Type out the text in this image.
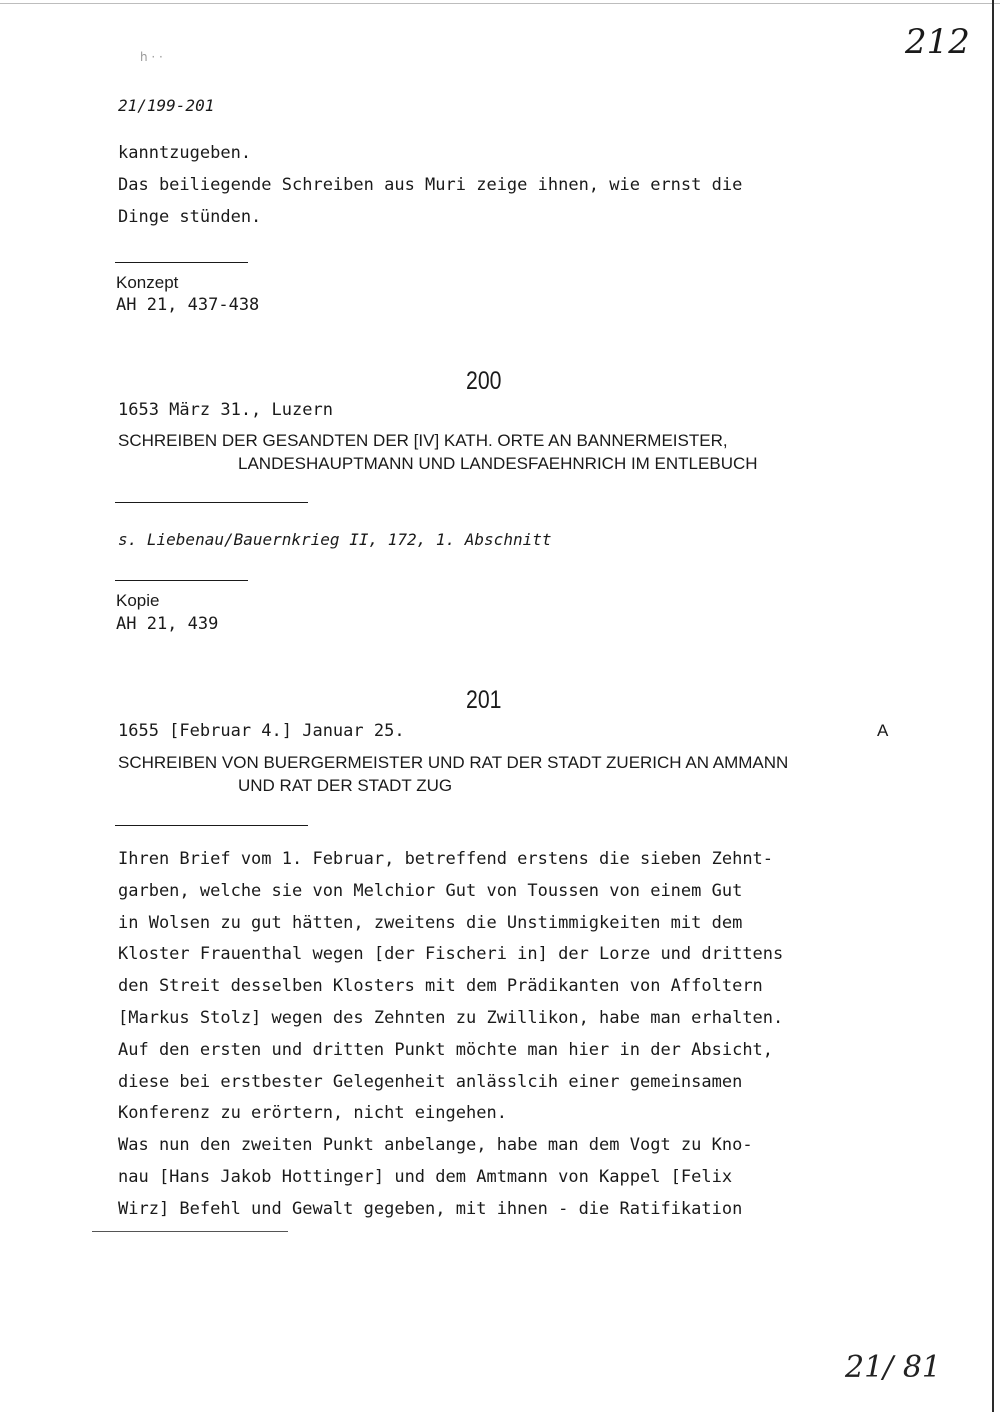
h · ·	212
21/199-201
kanntzugeben.
Das beiliegende Schreiben aus Muri zeige ihnen, wie ernst die
Dinge stünden.
Konzept
AH 21, 437-438
200
1653 März 31., Luzern
SCHREIBEN DER GESANDTEN DER [IV] KATH. ORTE AN BANNERMEISTER,
LANDESHAUPTMANN UND LANDESFAEHNRICH IM ENTLEBUCH
s. Liebenau/Bauernkrieg II, 172, 1. Abschnitt
Kopie
AH 21, 439
201
1655 [Februar 4.] Januar 25.	A
SCHREIBEN VON BUERGERMEISTER UND RAT DER STADT ZUERICH AN AMMANN
UND RAT DER STADT ZUG
Ihren Brief vom 1. Februar, betreffend erstens die sieben Zehnt-
garben, welche sie von Melchior Gut von Toussen von einem Gut
in Wolsen zu gut hätten, zweitens die Unstimmigkeiten mit dem
Kloster Frauenthal wegen [der Fischeri in] der Lorze und drittens
den Streit desselben Klosters mit dem Prädikanten von Affoltern
[Markus Stolz] wegen des Zehnten zu Zwillikon, habe man erhalten.
Auf den ersten und dritten Punkt möchte man hier in der Absicht,
diese bei erstbester Gelegenheit anlässlcih einer gemeinsamen
Konferenz zu erörtern, nicht eingehen.
Was nun den zweiten Punkt anbelange, habe man dem Vogt zu Kno-
nau [Hans Jakob Hottinger] und dem Amtmann von Kappel [Felix
Wirz] Befehl und Gewalt gegeben, mit ihnen - die Ratifikation
21/ 81
